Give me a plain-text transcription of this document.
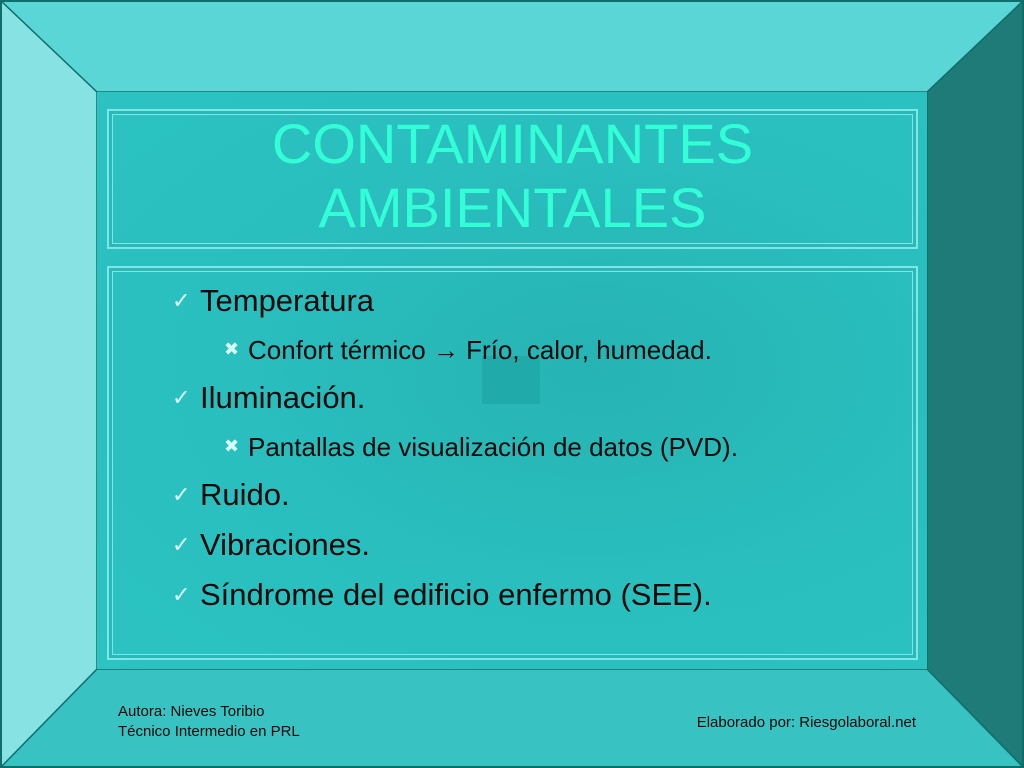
CONTAMINANTES
AMBIENTALES
✓ Temperatura
✖ Confort térmico → Frío, calor, humedad.
✓ Iluminación.
✖ Pantallas de visualización de datos (PVD).
✓ Ruido.
✓ Vibraciones.
✓ Síndrome del edificio enfermo (SEE).
Autora: Nieves Toribio
Técnico Intermedio en PRL
Elaborado por: Riesgolaboral.net
